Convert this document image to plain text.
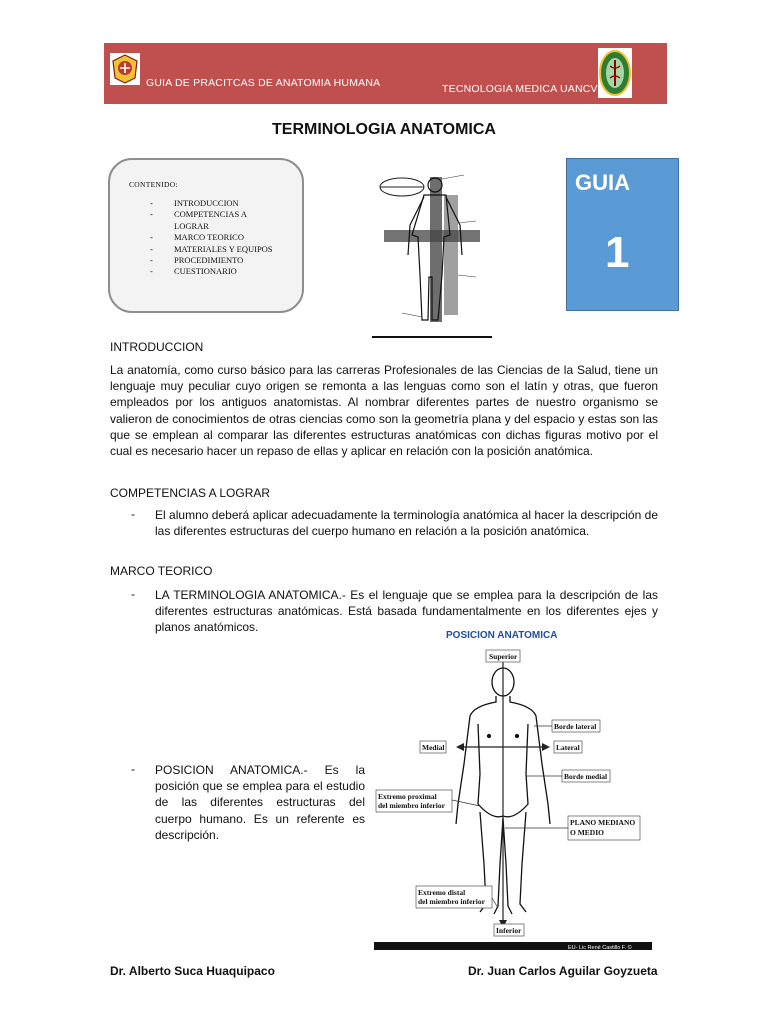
GUIA DE PRACITCAS DE ANATOMIA HUMANA	TECNOLOGIA MEDICA UANCV
TERMINOLOGIA ANATOMICA
CONTENIDO:
- INTRODUCCION
- COMPETENCIAS A LOGRAR
- MARCO TEORICO
- MATERIALES Y EQUIPOS
- PROCEDIMIENTO
- CUESTIONARIO
GUIA
1
INTRODUCCION
La anatomía, como curso básico para las carreras Profesionales de las Ciencias de la Salud, tiene un lenguaje muy peculiar cuyo origen se remonta a las lenguas como son el latín y otras, que fueron empleados por los antiguos anatomistas. Al nombrar diferentes partes de nuestro organismo se valieron de conocimientos de otras ciencias como son la geometría plana y del espacio y estas son las que se emplean al comparar las diferentes estructuras anatómicas con dichas figuras motivo por el cual es necesario hacer un repaso de ellas y aplicar en relación con la posición anatómica.
COMPETENCIAS A LOGRAR
- El alumno deberá aplicar adecuadamente la terminología anatómica al hacer la descripción de las diferentes estructuras del cuerpo humano en relación a la posición anatómica.
MARCO TEORICO
- LA TERMINOLOGIA ANATOMICA.- Es el lenguaje que se emplea para la descripción de las diferentes estructuras anatómicas. Está basada fundamentalmente en los diferentes ejes y planos anatómicos.
- POSICION ANATOMICA.- Es la posición que se emplea para el estudio de las diferentes estructuras del cuerpo humano. Es un referente es descripción.
POSICION ANATOMICA
Superior
Borde lateral
Medial	Lateral
Borde medial
Extremo proximal
del miembro inferior
PLANO MEDIANO
O MEDIO
Extremo distal
del miembro inferior
Inferior
EU- Lic René Castillo F. ©
Dr. Alberto Suca Huaquipaco	Dr. Juan Carlos Aguilar Goyzueta
